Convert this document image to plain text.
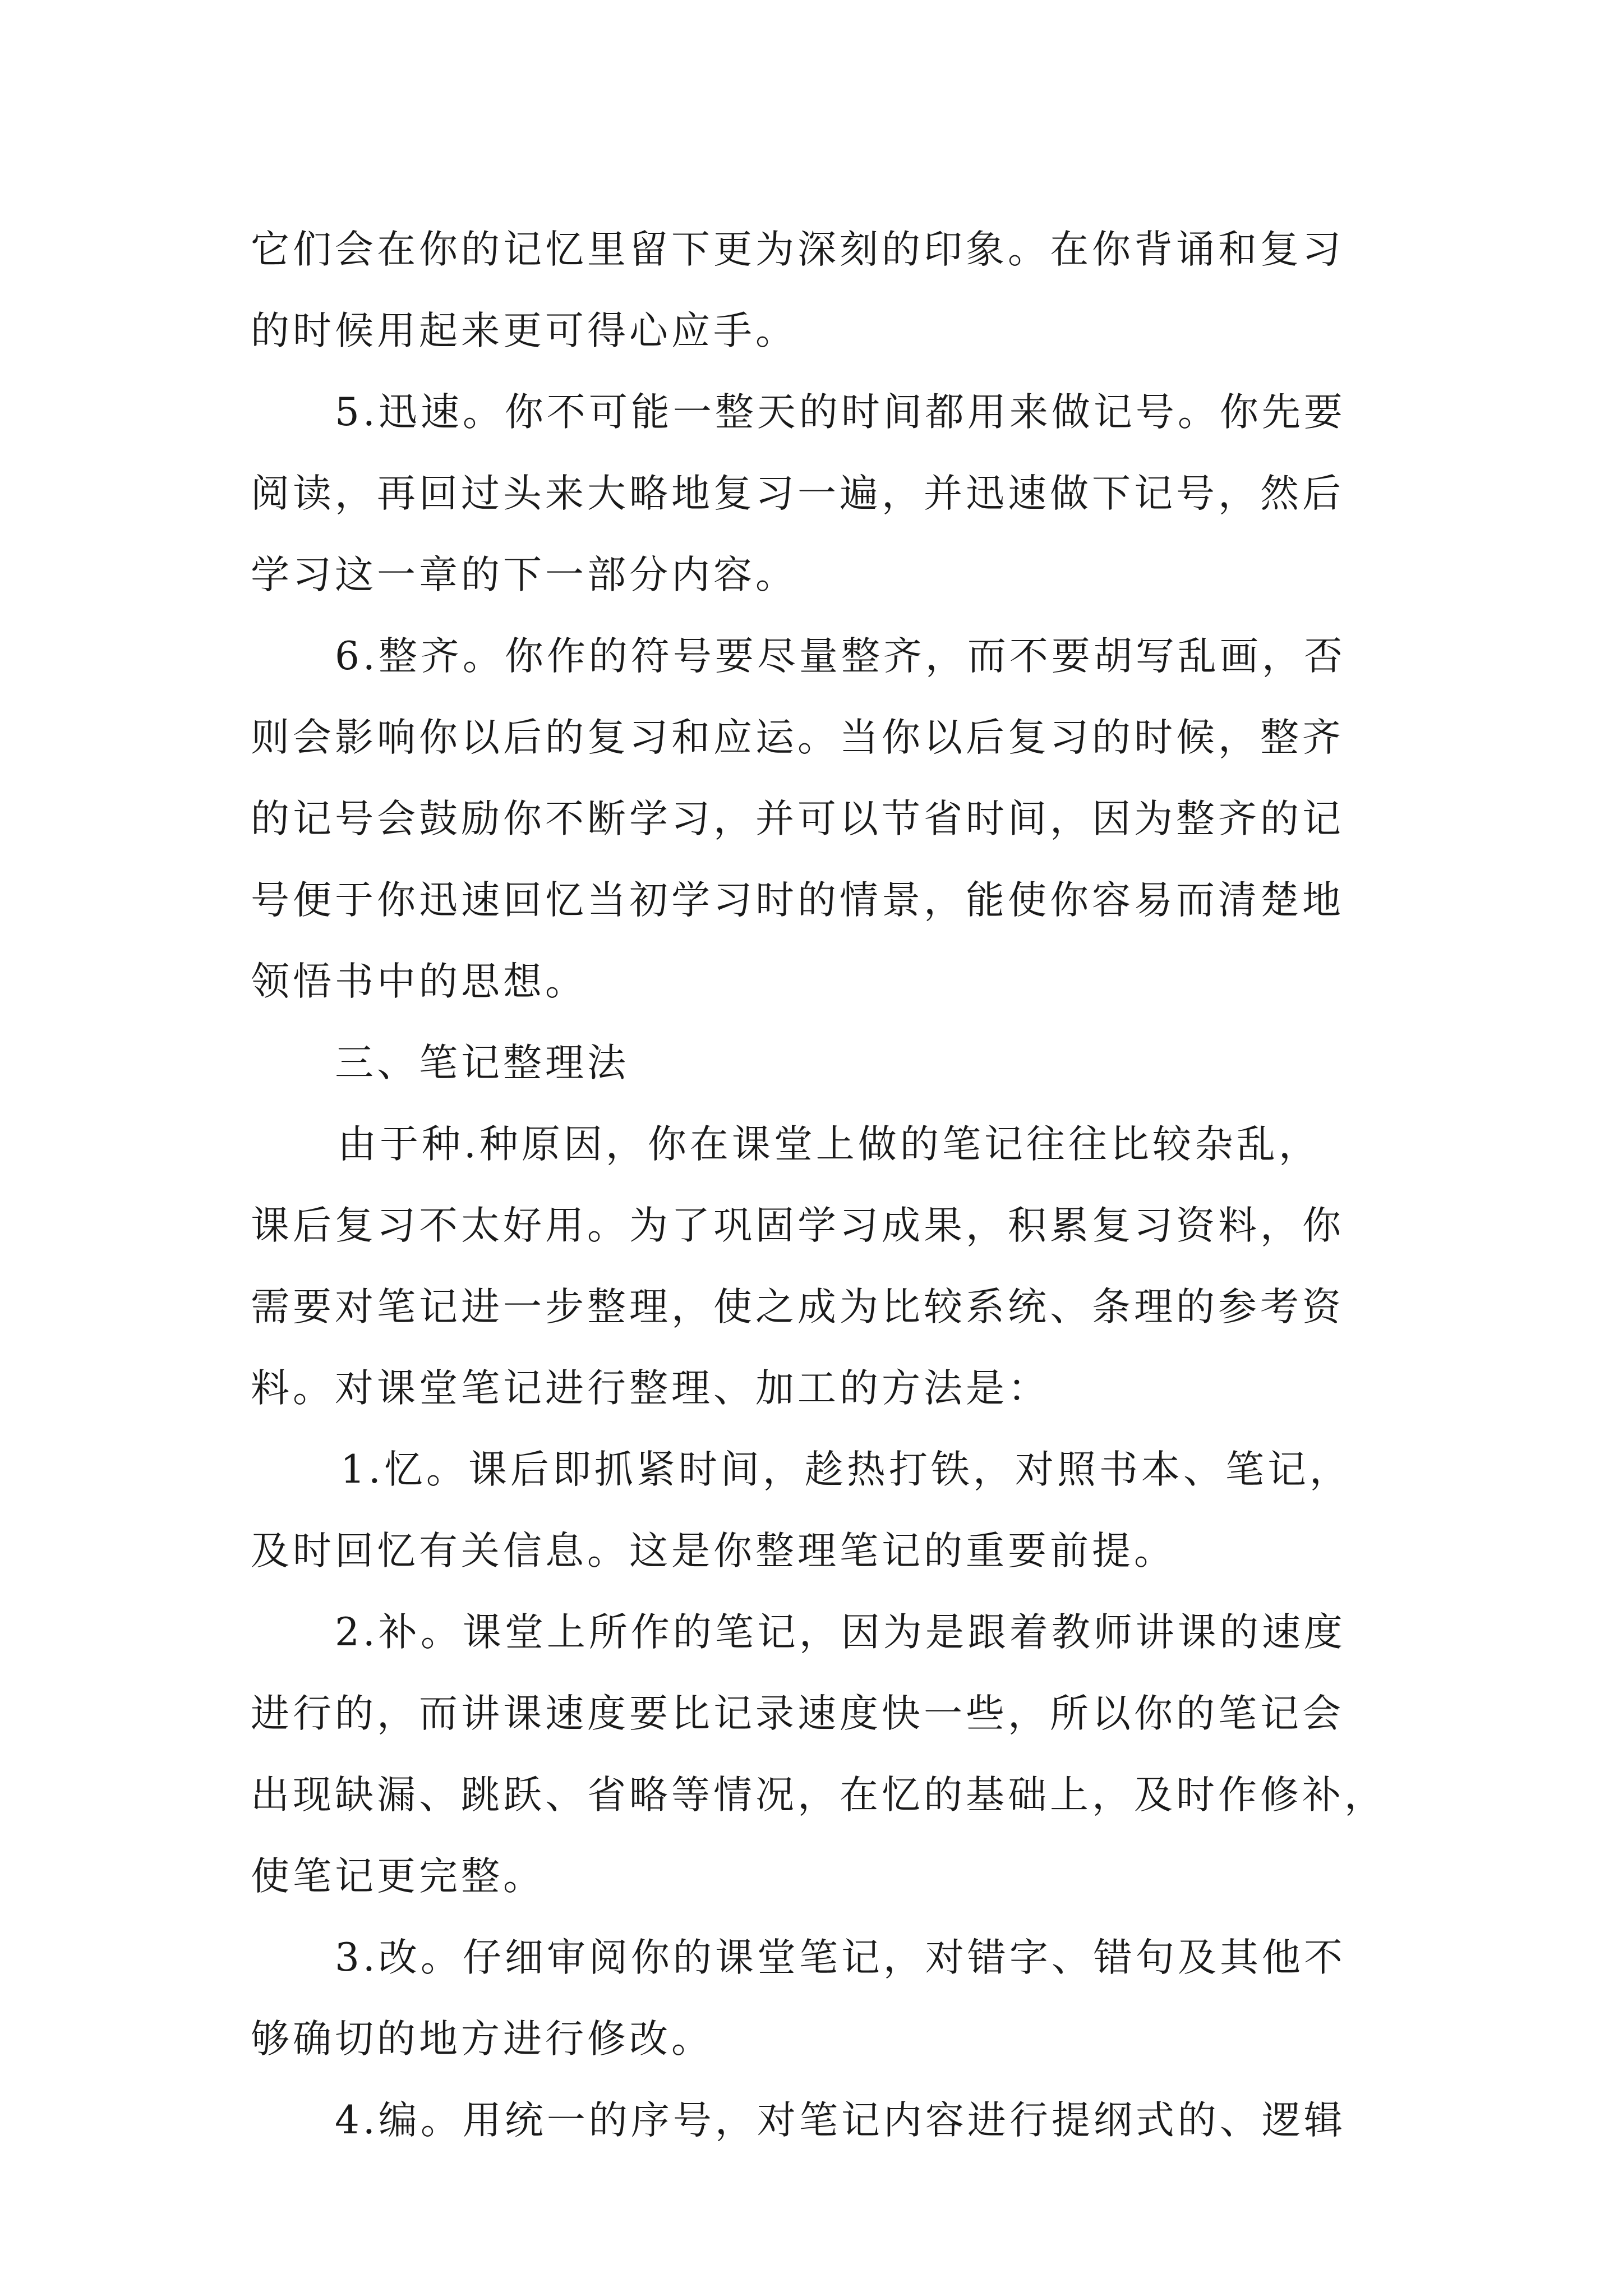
它们会在你的记忆里留下更为深刻的印象。在你背诵和复习
的时候用起来更可得心应手。
5.迅速。你不可能一整天的时间都用来做记号。你先要
阅读，再回过头来大略地复习一遍，并迅速做下记号，然后
学习这一章的下一部分内容。
6.整齐。你作的符号要尽量整齐，而不要胡写乱画，否
则会影响你以后的复习和应运。当你以后复习的时候，整齐
的记号会鼓励你不断学习，并可以节省时间，因为整齐的记
号便于你迅速回忆当初学习时的情景，能使你容易而清楚地
领悟书中的思想。
三、笔记整理法
由于种.种原因，你在课堂上做的笔记往往比较杂乱，
课后复习不太好用。为了巩固学习成果，积累复习资料，你
需要对笔记进一步整理，使之成为比较系统、条理的参考资
料。对课堂笔记进行整理、加工的方法是：
1.忆。课后即抓紧时间，趁热打铁，对照书本、笔记，
及时回忆有关信息。这是你整理笔记的重要前提。
2.补。课堂上所作的笔记，因为是跟着教师讲课的速度
进行的，而讲课速度要比记录速度快一些，所以你的笔记会
出现缺漏、跳跃、省略等情况，在忆的基础上，及时作修补，
使笔记更完整。
3.改。仔细审阅你的课堂笔记，对错字、错句及其他不
够确切的地方进行修改。
4.编。用统一的序号，对笔记内容进行提纲式的、逻辑
